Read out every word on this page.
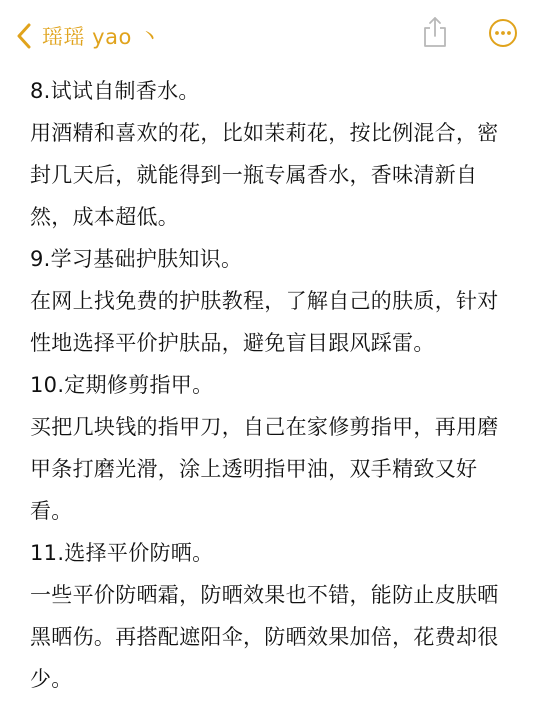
瑶瑶 yao 丶
8.试试自制香水。
用酒精和喜欢的花，比如茉莉花，按比例混合，密
封几天后，就能得到一瓶专属香水，香味清新自
然，成本超低。
9.学习基础护肤知识。
在网上找免费的护肤教程，了解自己的肤质，针对
性地选择平价护肤品，避免盲目跟风踩雷。
10.定期修剪指甲。
买把几块钱的指甲刀，自己在家修剪指甲，再用磨
甲条打磨光滑，涂上透明指甲油，双手精致又好
看。
11.选择平价防晒。
一些平价防晒霜，防晒效果也不错，能防止皮肤晒
黑晒伤。再搭配遮阳伞，防晒效果加倍，花费却很
少。
